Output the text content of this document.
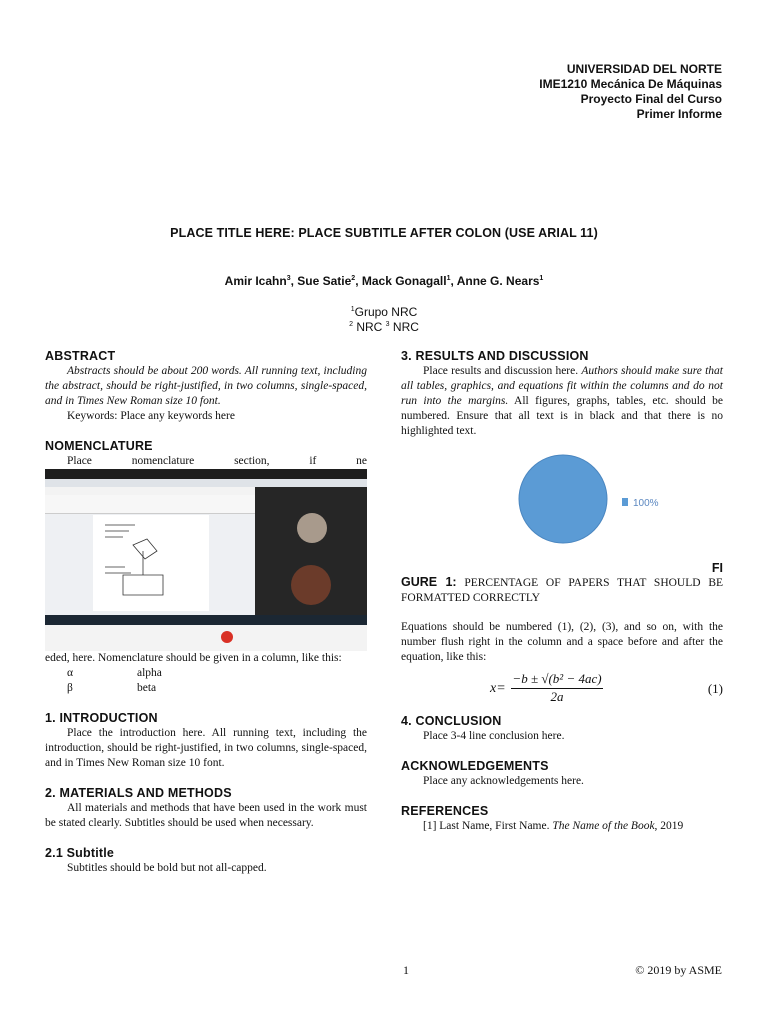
UNIVERSIDAD DEL NORTE
IME1210 Mecánica De Máquinas
Proyecto Final del Curso
Primer Informe
PLACE TITLE HERE: PLACE SUBTITLE AFTER COLON (USE ARIAL 11)
Amir Icahn$^3$, Sue Satie$^2$, Mack Gonagall$^1$, Anne G. Nears$^1$
$^1$Grupo NRC
$^2$ NRC $^3$ NRC
ABSTRACT

Abstracts should be about 200 words. All running text, including the abstract, should be right-justified, in two columns, single-spaced, and in Times New Roman size 10 font.

Keywords: Place any keywords here

NOMENCLATURE

Place nomenclature section, if ne

eded, here. Nomenclature should be given in a column, like this:

α	alpha
β	beta
1. INTRODUCTION

Place the introduction here. All running text, including the introduction, should be right-justified, in two columns, single-spaced, and in Times New Roman size 10 font.

2. MATERIALS AND METHODS

All materials and methods that have been used in the work must be stated clearly. Subtitles should be used when necessary.

2.1 Subtitle

Subtitles should be bold but not all-capped.

3. RESULTS AND DISCUSSION

Place results and discussion here. Authors should make sure that all tables, graphics, and equations fit within the columns and do not run into the margins. All figures, graphs, tables, etc. should be numbered. Ensure that all text is in black and that there is no highlighted text.

100%
FI

GURE 1: PERCENTAGE OF PAPERS THAT SHOULD BE FORMATTED CORRECTLY

Equations should be numbered (1), (2), (3), and so on, with the number flush right in the column and a space before and after the equation, like this:

$x= \frac{\text{−b ± √(b² − 4ac)}}{2a}$	(1)
4. CONCLUSION

Place 3-4 line conclusion here.

ACKNOWLEDGEMENTS

Place any acknowledgements here.

REFERENCES

[1] Last Name, First Name. The Name of the Book, 2019

1	© 2019 by ASME
